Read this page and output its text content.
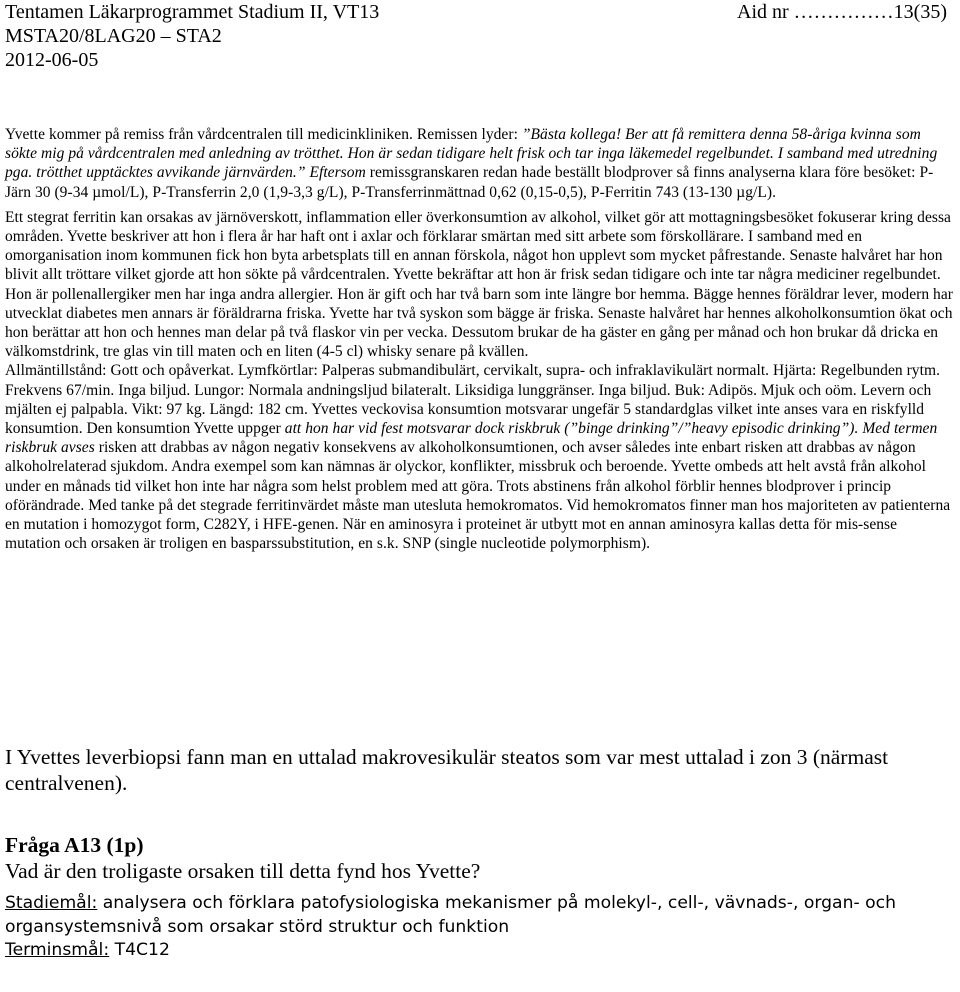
Tentamen Läkarprogrammet Stadium II, VT13	Aid nr ……………13(35)
MSTA20/8LAG20 – STA2
2012-06-05

Yvette kommer på remiss från vårdcentralen till medicinkliniken. Remissen lyder: ”Bästa kollega! Ber att få remittera denna 58-åriga kvinna som sökte mig på vårdcentralen med anledning av trötthet. Hon är sedan tidigare helt frisk och tar inga läkemedel regelbundet. I samband med utredning pga. trötthet upptäcktes avvikande järnvärden.” Eftersom remissgranskaren redan hade beställt blodprover så finns analyserna klara före besöket: P-Järn 30 (9-34 µmol/L), P-Transferrin 2,0 (1,9-3,3 g/L), P-Transferrinmättnad 0,62 (0,15-0,5), P-Ferritin 743 (13-130 µg/L).

Ett stegrat ferritin kan orsakas av järnöverskott, inflammation eller överkonsumtion av alkohol, vilket gör att mottagningsbesöket fokuserar kring dessa områden. Yvette beskriver att hon i flera år har haft ont i axlar och förklarar smärtan med sitt arbete som förskollärare. I samband med en omorganisation inom kommunen fick hon byta arbetsplats till en annan förskola, något hon upplevt som mycket påfrestande. Senaste halvåret har hon blivit allt tröttare vilket gjorde att hon sökte på vårdcentralen. Yvette bekräftar att hon är frisk sedan tidigare och inte tar några mediciner regelbundet. Hon är pollenallergiker men har inga andra allergier. Hon är gift och har två barn som inte längre bor hemma. Bägge hennes föräldrar lever, modern har utvecklat diabetes men annars är föräldrarna friska. Yvette har två syskon som bägge är friska. Senaste halvåret har hennes alkoholkonsumtion ökat och hon berättar att hon och hennes man delar på två flaskor vin per vecka. Dessutom brukar de ha gäster en gång per månad och hon brukar då dricka en välkomstdrink, tre glas vin till maten och en liten (4-5 cl) whisky senare på kvällen.

Allmäntillstånd: Gott och opåverkat. Lymfkörtlar: Palperas submandibulärt, cervikalt, supra- och infraklavikulärt normalt. Hjärta: Regelbunden rytm. Frekvens 67/min. Inga biljud. Lungor: Normala andningsljud bilateralt. Liksidiga lunggränser. Inga biljud. Buk: Adipös. Mjuk och oöm. Levern och mjälten ej palpabla. Vikt: 97 kg. Längd: 182 cm. Yvettes veckovisa konsumtion motsvarar ungefär 5 standardglas vilket inte anses vara en riskfylld konsumtion. Den konsumtion Yvette uppger att hon har vid fest motsvarar dock riskbruk (”binge drinking”/”heavy episodic drinking”). Med termen riskbruk avses risken att drabbas av någon negativ konsekvens av alkoholkonsumtionen, och avser således inte enbart risken att drabbas av någon alkoholrelaterad sjukdom. Andra exempel som kan nämnas är olyckor, konflikter, missbruk och beroende. Yvette ombeds att helt avstå från alkohol under en månads tid vilket hon inte har några som helst problem med att göra. Trots abstinens från alkohol förblir hennes blodprover i princip oförändrade. Med tanke på det stegrade ferritinvärdet måste man utesluta hemokromatos. Vid hemokromatos finner man hos majoriteten av patienterna en mutation i homozygot form, C282Y, i HFE-genen. När en aminosyra i proteinet är utbytt mot en annan aminosyra kallas detta för mis-sense mutation och orsaken är troligen en basparssubstitution, en s.k. SNP (single nucleotide polymorphism).

I Yvettes leverbiopsi fann man en uttalad makrovesikulär steatos som var mest uttalad i zon 3 (närmast centralvenen).
Fråga A13 (1p)
Vad är den troligaste orsaken till detta fynd hos Yvette?
Stadiemål: analysera och förklara patofysiologiska mekanismer på molekyl-, cell-, vävnads-, organ- och organsystemsnivå som orsakar störd struktur och funktion
Terminsmål: T4C12
